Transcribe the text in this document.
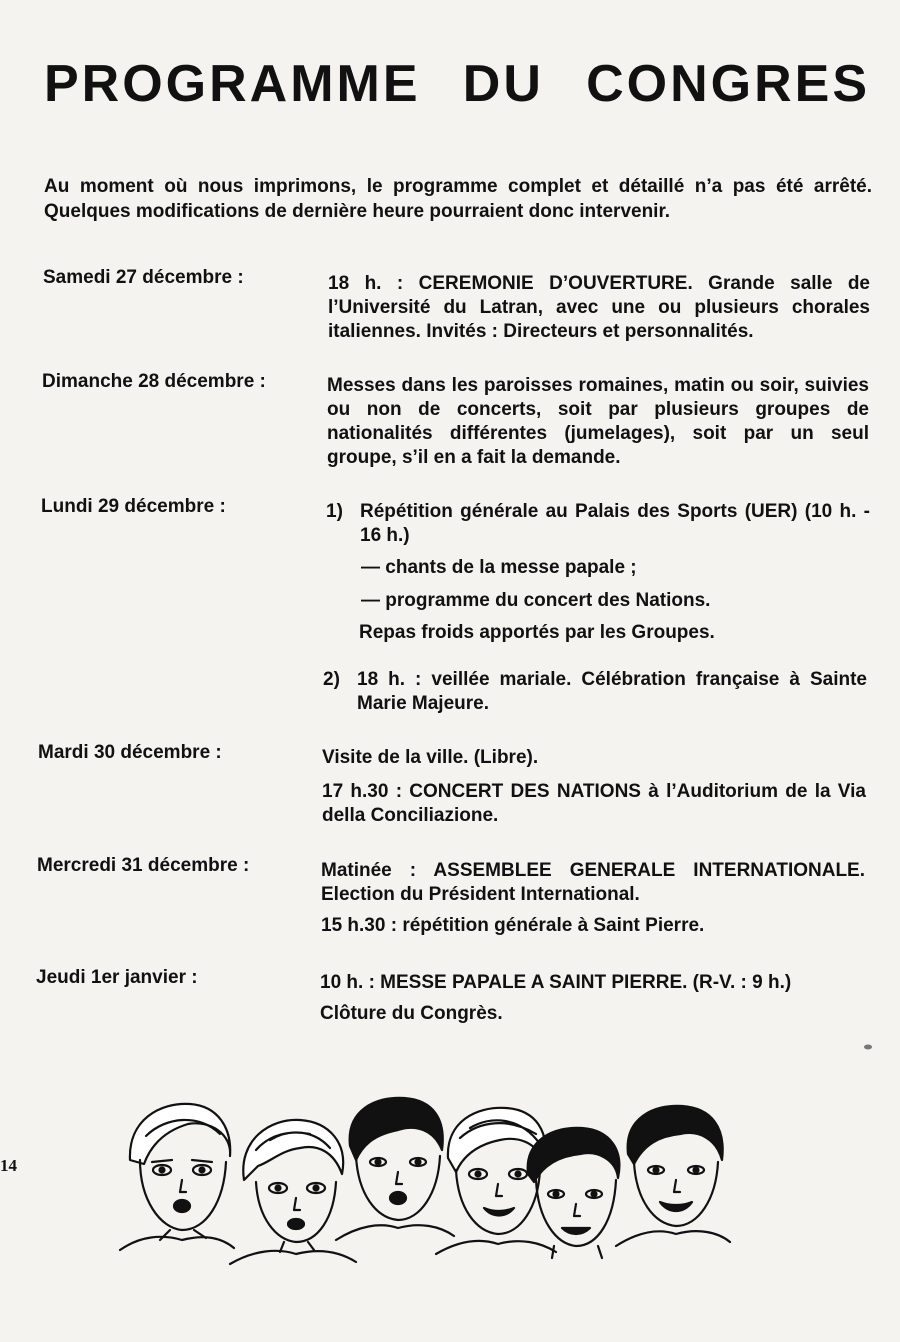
PROGRAMME DU CONGRES
Au moment où nous imprimons, le programme complet et détaillé n’a pas été arrêté. Quelques modifications de dernière heure pourraient donc intervenir.
Samedi 27 décembre :	18 h. : CEREMONIE D’OUVERTURE. Grande salle de l’Université du Latran, avec une ou plusieurs chorales italiennes. Invités : Directeurs et personnalités.
Dimanche 28 décembre :	Messes dans les paroisses romaines, matin ou soir, suivies ou non de concerts, soit par plusieurs groupes de nationalités différentes (jumelages), soit par un seul groupe, s’il en a fait la demande.
Lundi 29 décembre :	1) Répétition générale au Palais des Sports (UER) (10 h. - 16 h.)
— chants de la messe papale ;
— programme du concert des Nations.
Repas froids apportés par les Groupes.
2) 18 h. : veillée mariale. Célébration française à Sainte Marie Majeure.
Mardi 30 décembre :	Visite de la ville. (Libre).
17 h.30 : CONCERT DES NATIONS à l’Auditorium de la Via della Conciliazione.
Mercredi 31 décembre :	Matinée : ASSEMBLEE GENERALE INTERNATIONALE. Election du Président International.
15 h.30 : répétition générale à Saint Pierre.
Jeudi 1er janvier :	10 h. : MESSE PAPALE A SAINT PIERRE. (R-V. : 9 h.)
Clôture du Congrès.
14
